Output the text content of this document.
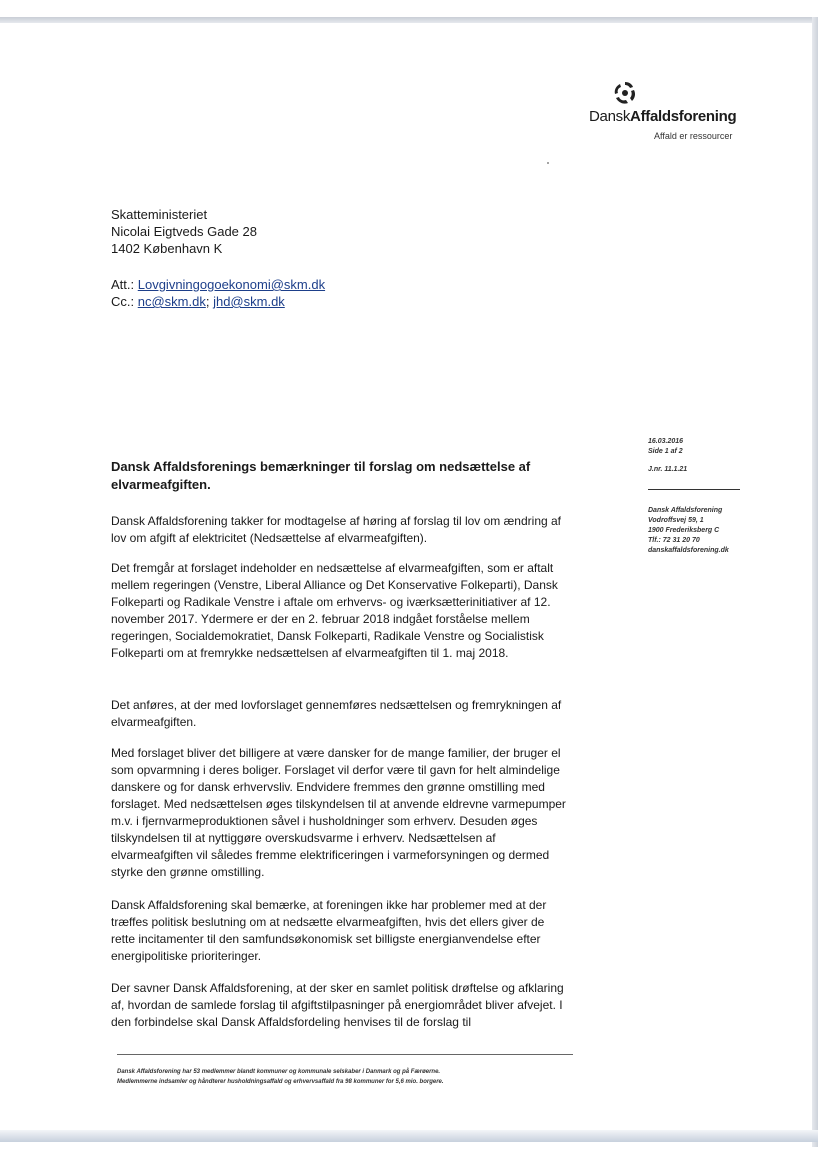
DanskAffaldsforening
Affald er ressourcer
Skatteministeriet
Nicolai Eigtveds Gade 28
1402 København K
Att.: Lovgivningogoekonomi@skm.dk
Cc.: nc@skm.dk; jhd@skm.dk
16.03.2016
Side 1 af 2
J.nr. 11.1.21
Dansk Affaldsforening
Vodroffsvej 59, 1
1900 Frederiksberg C
Tlf.: 72 31 20 70
danskaffaldsforening.dk
Dansk Affaldsforenings bemærkninger til forslag om nedsættelse af elvarmeafgiften.
Dansk Affaldsforening takker for modtagelse af høring af forslag til lov om ændring af lov om afgift af elektricitet (Nedsættelse af elvarmeafgiften).
Det fremgår at forslaget indeholder en nedsættelse af elvarmeafgiften, som er aftalt mellem regeringen (Venstre, Liberal Alliance og Det Konservative Folkeparti), Dansk Folkeparti og Radikale Venstre i aftale om erhvervs- og iværksætterinitiativer af 12. november 2017. Ydermere er der en 2. februar 2018 indgået forståelse mellem regeringen, Socialdemokratiet, Dansk Folkeparti, Radikale Venstre og Socialistisk Folkeparti om at fremrykke nedsættelsen af elvarmeafgiften til 1. maj 2018.
Det anføres, at der med lovforslaget gennemføres nedsættelsen og fremrykningen af elvarmeafgiften.
Med forslaget bliver det billigere at være dansker for de mange familier, der bruger el som opvarmning i deres boliger. Forslaget vil derfor være til gavn for helt almindelige danskere og for dansk erhvervsliv. Endvidere fremmes den grønne omstilling med forslaget. Med nedsættelsen øges tilskyndelsen til at anvende eldrevne varmepumper m.v. i fjernvarmeproduktionen såvel i husholdninger som erhverv. Desuden øges tilskyndelsen til at nyttiggøre overskudsvarme i erhverv. Nedsættelsen af elvarmeafgiften vil således fremme elektrificeringen i varmeforsyningen og dermed styrke den grønne omstilling.
Dansk Affaldsforening skal bemærke, at foreningen ikke har problemer med at der træffes politisk beslutning om at nedsætte elvarmeafgiften, hvis det ellers giver de rette incitamenter til den samfundsøkonomisk set billigste energianvendelse efter energipolitiske prioriteringer.
Der savner Dansk Affaldsforening, at der sker en samlet politisk drøftelse og afklaring af, hvordan de samlede forslag til afgiftstilpasninger på energiområdet bliver afvejet. I den forbindelse skal Dansk Affaldsfordeling henvises til de forslag til
Dansk Affaldsforening har 53 medlemmer blandt kommuner og kommunale selskaber i Danmark og på Færøerne.
Medlemmerne indsamler og håndterer husholdningsaffald og erhvervsaffald fra 98 kommuner for 5,6 mio. borgere.
